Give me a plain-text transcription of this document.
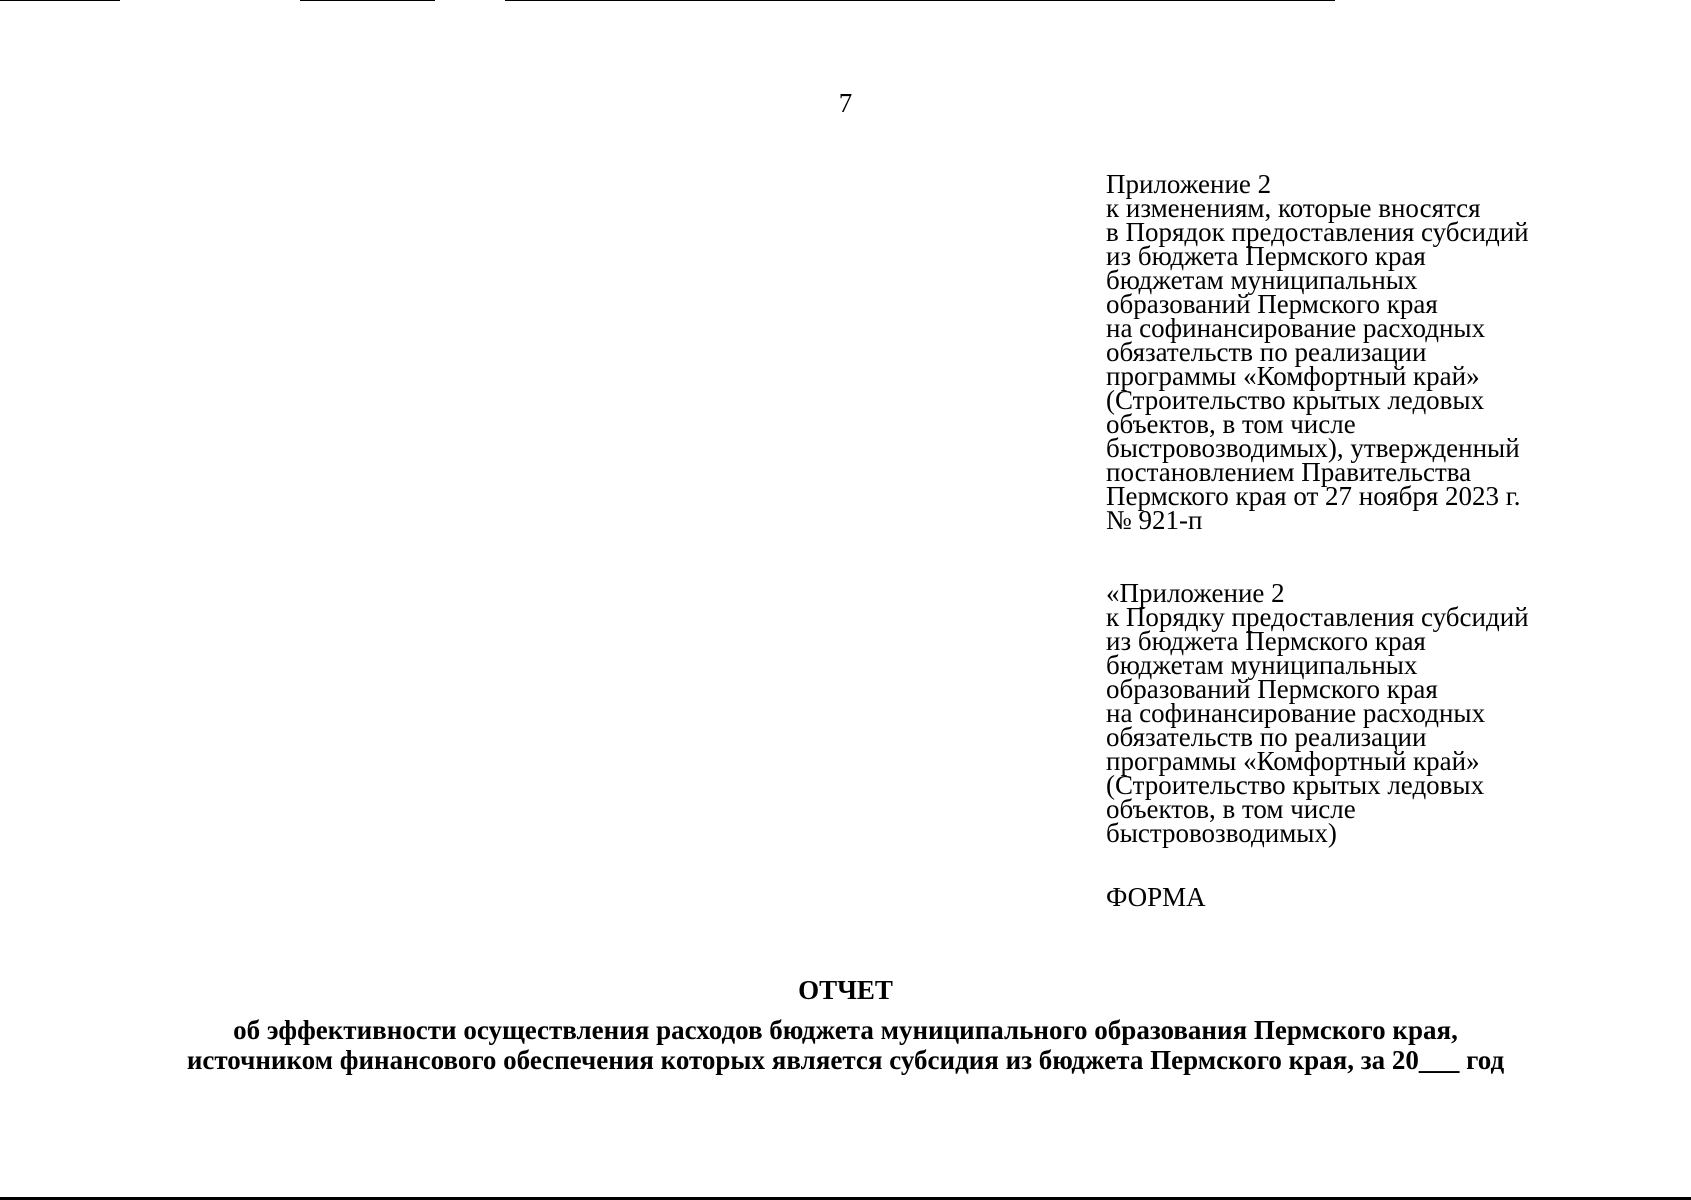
7
Приложение 2
к изменениям, которые вносятся
в Порядок предоставления субсидий
из бюджета Пермского края
бюджетам муниципальных
образований Пермского края
на софинансирование расходных
обязательств по реализации
программы «Комфортный край»
(Строительство крытых ледовых
объектов, в том числе
быстровозводимых), утвержденный
постановлением Правительства
Пермского края от 27 ноября 2023 г.
№ 921-п
«Приложение 2
к Порядку предоставления субсидий
из бюджета Пермского края
бюджетам муниципальных
образований Пермского края
на софинансирование расходных
обязательств по реализации
программы «Комфортный край»
(Строительство крытых ледовых
объектов, в том числе
быстровозводимых)
ФОРМА
ОТЧЕТ
об эффективности осуществления расходов бюджета муниципального образования Пермского края,
источником финансового обеспечения которых является субсидия из бюджета Пермского края, за 20___ год
